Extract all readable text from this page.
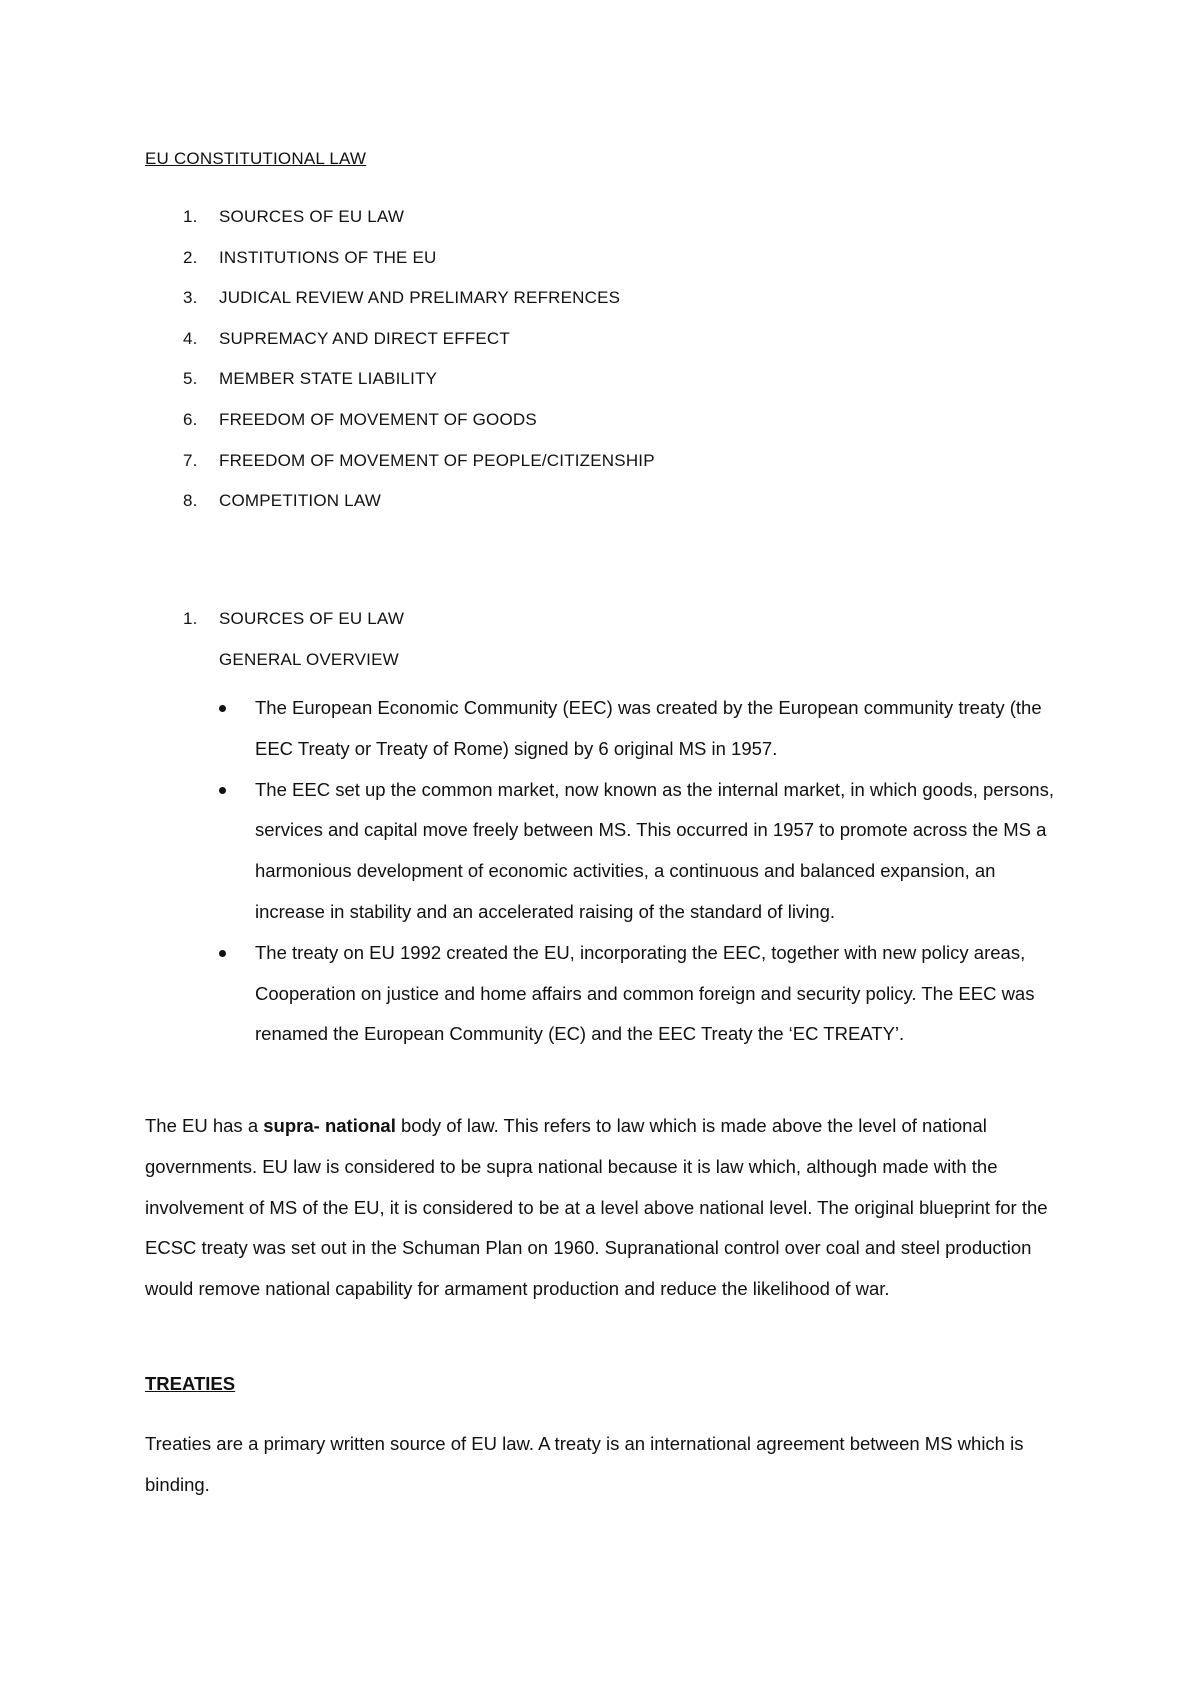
EU CONSTITUTIONAL LAW
1.	SOURCES OF EU LAW
2.	INSTITUTIONS OF THE EU
3.	JUDICAL REVIEW AND PRELIMARY REFRENCES
4.	SUPREMACY AND DIRECT EFFECT
5.	MEMBER STATE LIABILITY
6.	FREEDOM OF MOVEMENT OF GOODS
7.	FREEDOM OF MOVEMENT OF PEOPLE/CITIZENSHIP
8.	COMPETITION LAW
1.	SOURCES OF EU LAW
GENERAL OVERVIEW
The European Economic Community (EEC) was created by the European community treaty (the EEC Treaty or Treaty of Rome) signed by 6 original MS in 1957.
The EEC set up the common market, now known as the internal market, in which goods, persons, services and capital move freely between MS. This occurred in 1957 to promote across the MS a harmonious development of economic activities, a continuous and balanced expansion, an increase in stability and an accelerated raising of the standard of living.
The treaty on EU 1992 created the EU, incorporating the EEC, together with new policy areas, Cooperation on justice and home affairs and common foreign and security policy. The EEC was renamed the European Community (EC) and the EEC Treaty the ‘EC TREATY’.

The EU has a supra- national body of law. This refers to law which is made above the level of national governments. EU law is considered to be supra national because it is law which, although made with the involvement of MS of the EU, it is considered to be at a level above national level. The original blueprint for the ECSC treaty was set out in the Schuman Plan on 1960. Supranational control over coal and steel production would remove national capability for armament production and reduce the likelihood of war.

TREATIES

Treaties are a primary written source of EU law. A treaty is an international agreement between MS which is binding.
